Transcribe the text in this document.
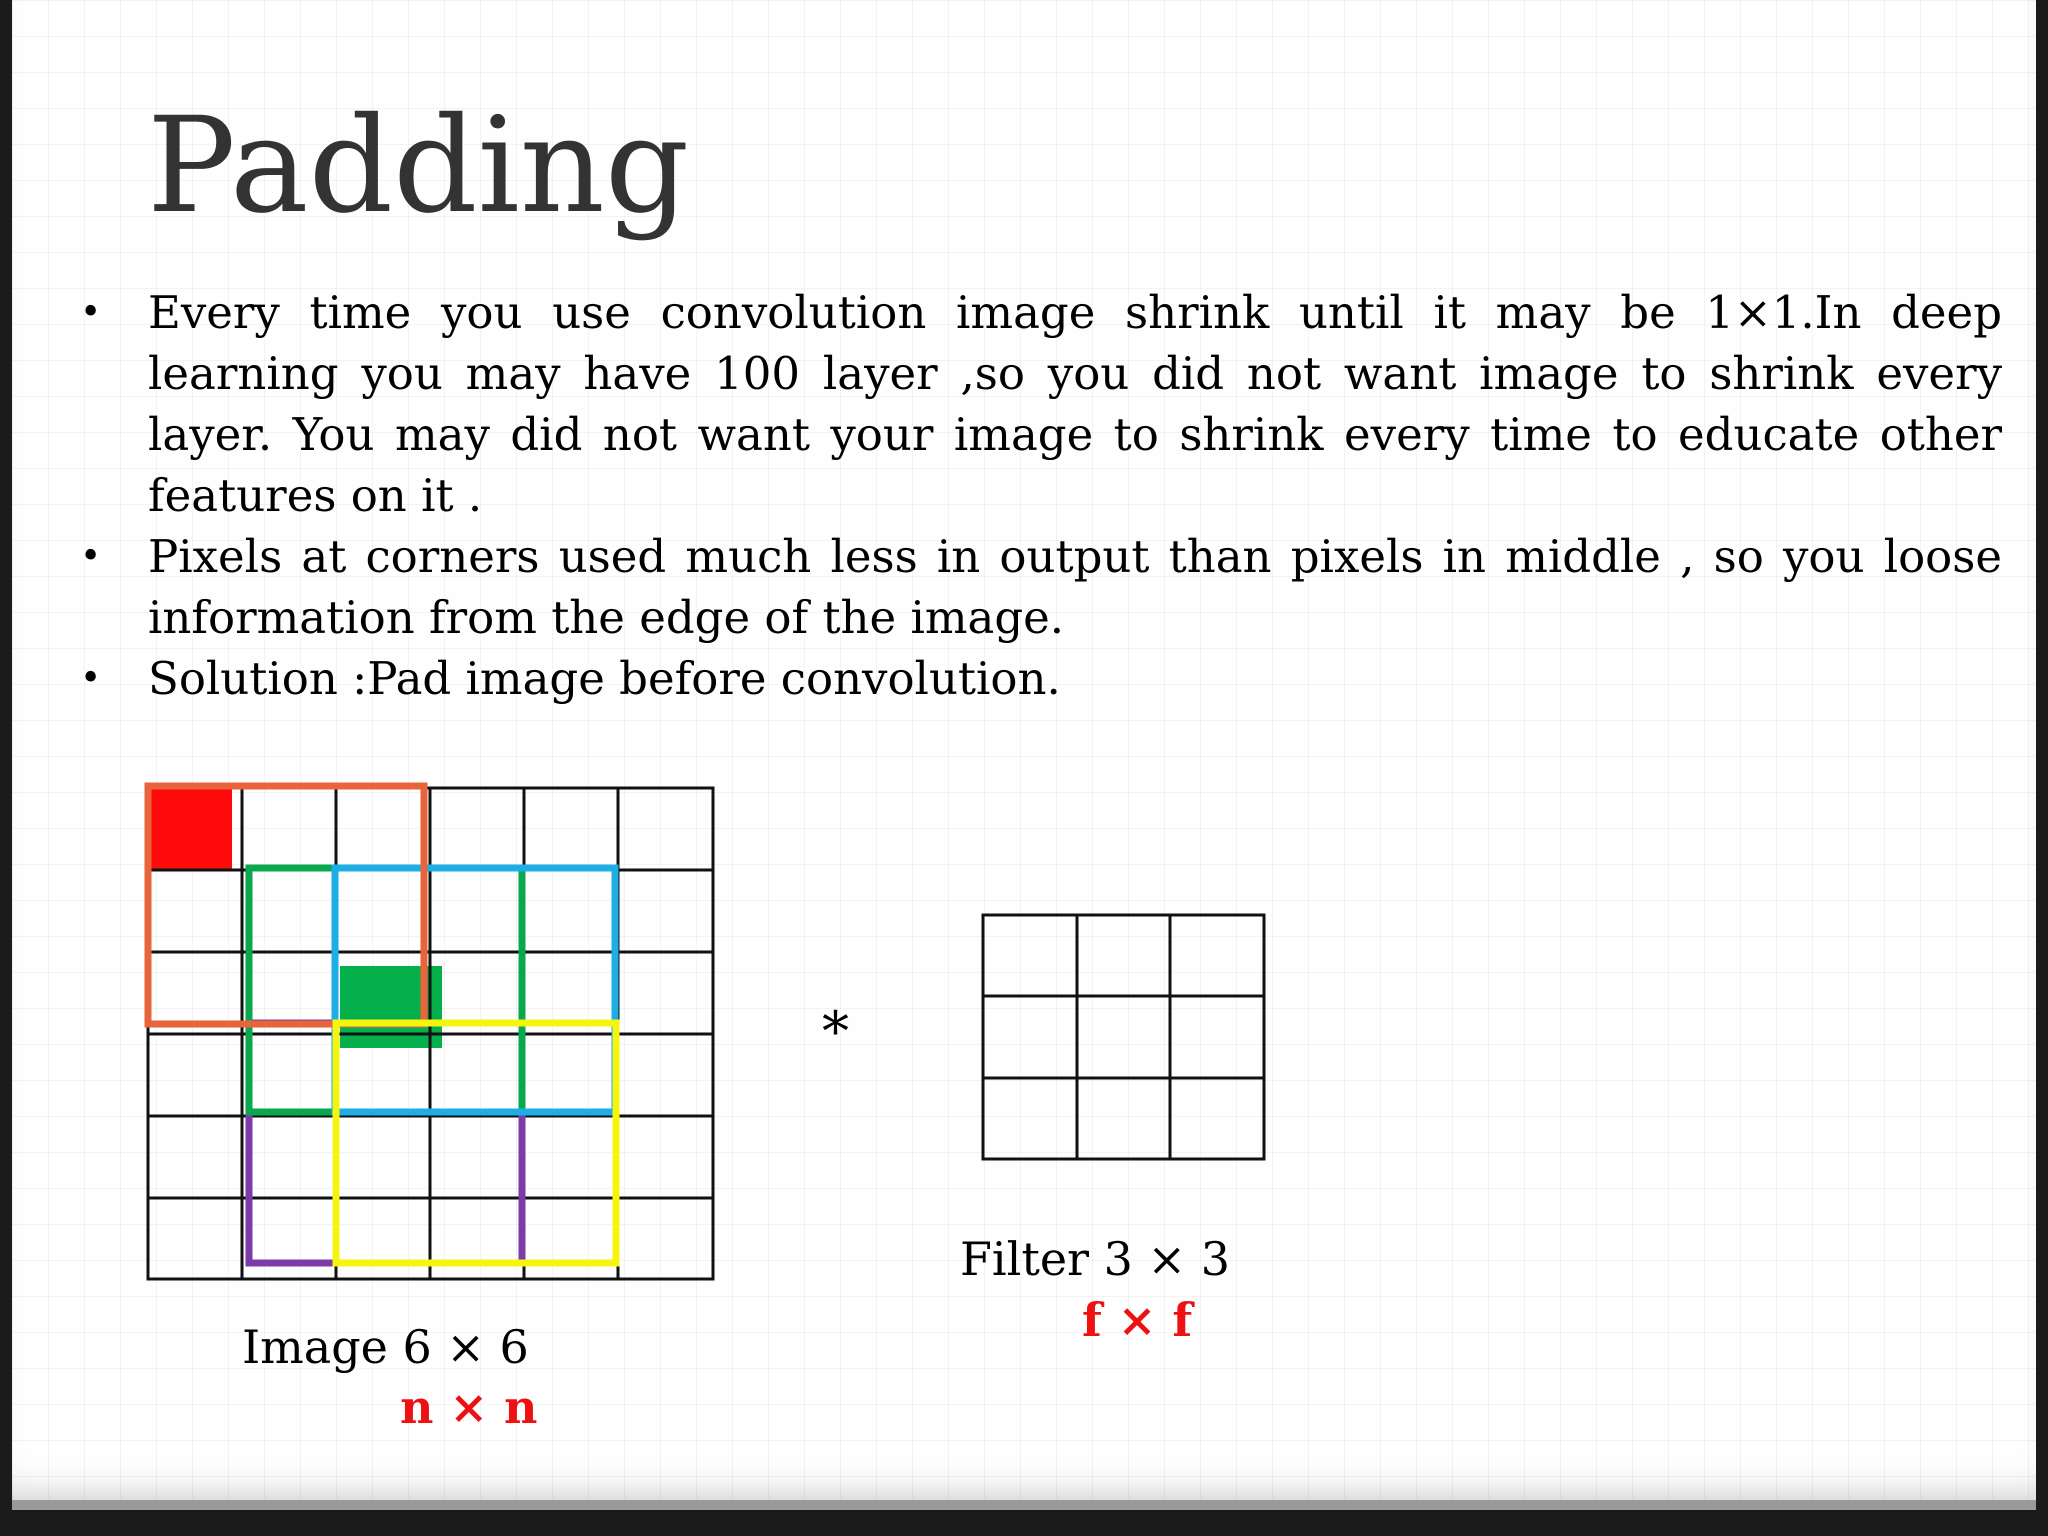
Padding
• Every time you use convolution image shrink until it may be 1×1.In deep learning you may have 100 layer ,so you did not want image to shrink every layer. You may did not want your image to shrink every time to educate other features on it .
• Pixels at corners used much less in output than pixels in middle , so you loose information from the edge of the image.
• Solution :Pad image before convolution.
*
Image 6 × 6
n × n
Filter 3 × 3
f × f
